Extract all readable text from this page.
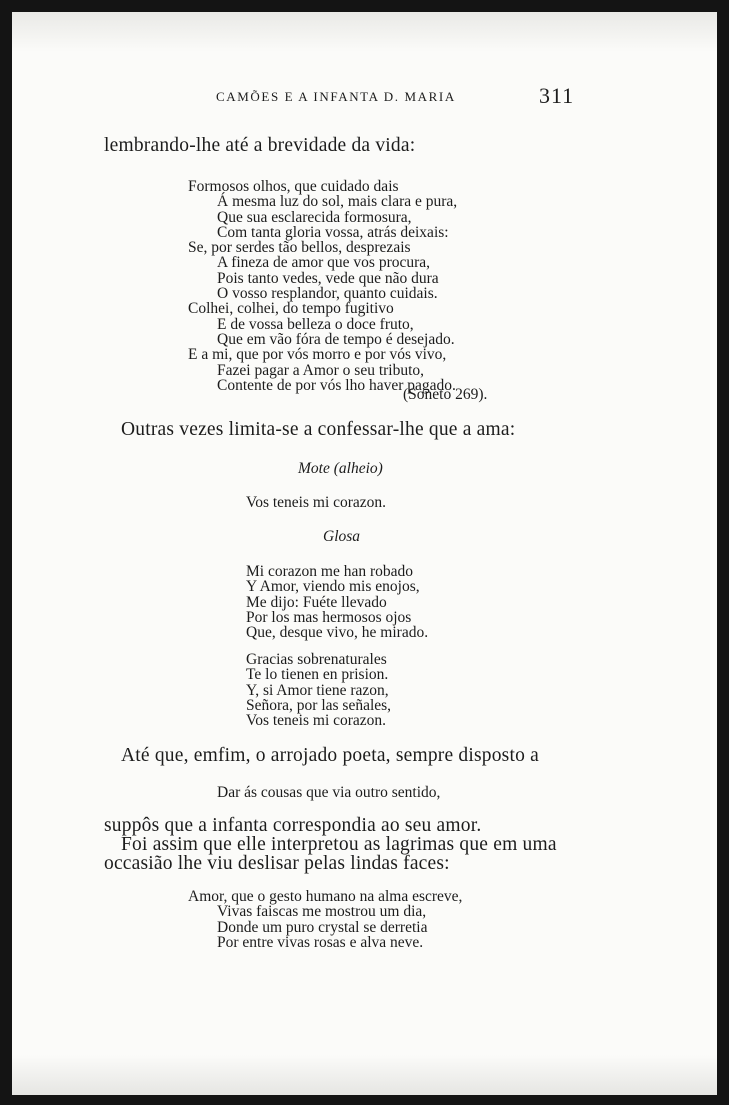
CAMÕES E A INFANTA D. MARIA	311
lembrando-lhe até a brevidade da vida:
Formosos olhos, que cuidado dais
Á mesma luz do sol, mais clara e pura,
Que sua esclarecida formosura,
Com tanta gloria vossa, atrás deixais:
Se, por serdes tão bellos, desprezais
A fineza de amor que vos procura,
Pois tanto vedes, vede que não dura
O vosso resplandor, quanto cuidais.
Colhei, colhei, do tempo fugitivo
E de vossa belleza o doce fruto,
Que em vão fóra de tempo é desejado.
E a mi, que por vós morro e por vós vivo,
Fazei pagar a Amor o seu tributo,
Contente de por vós lho haver pagado.
(Soneto 269).
Outras vezes limita-se a confessar-lhe que a ama:
Mote (alheio)
Vos teneis mi corazon.
Glosa
Mi corazon me han robado
Y Amor, viendo mis enojos,
Me dijo: Fuéte llevado
Por los mas hermosos ojos
Que, desque vivo, he mirado.
Gracias sobrenaturales
Te lo tienen en prision.
Y, si Amor tiene razon,
Señora, por las señales,
Vos teneis mi corazon.
Até que, emfim, o arrojado poeta, sempre disposto a
Dar ás cousas que via outro sentido,
suppôs que a infanta correspondia ao seu amor.
Foi assim que elle interpretou as lagrimas que em uma
occasião lhe viu deslisar pelas lindas faces:
Amor, que o gesto humano na alma escreve,
Vivas faiscas me mostrou um dia,
Donde um puro crystal se derretia
Por entre vivas rosas e alva neve.
